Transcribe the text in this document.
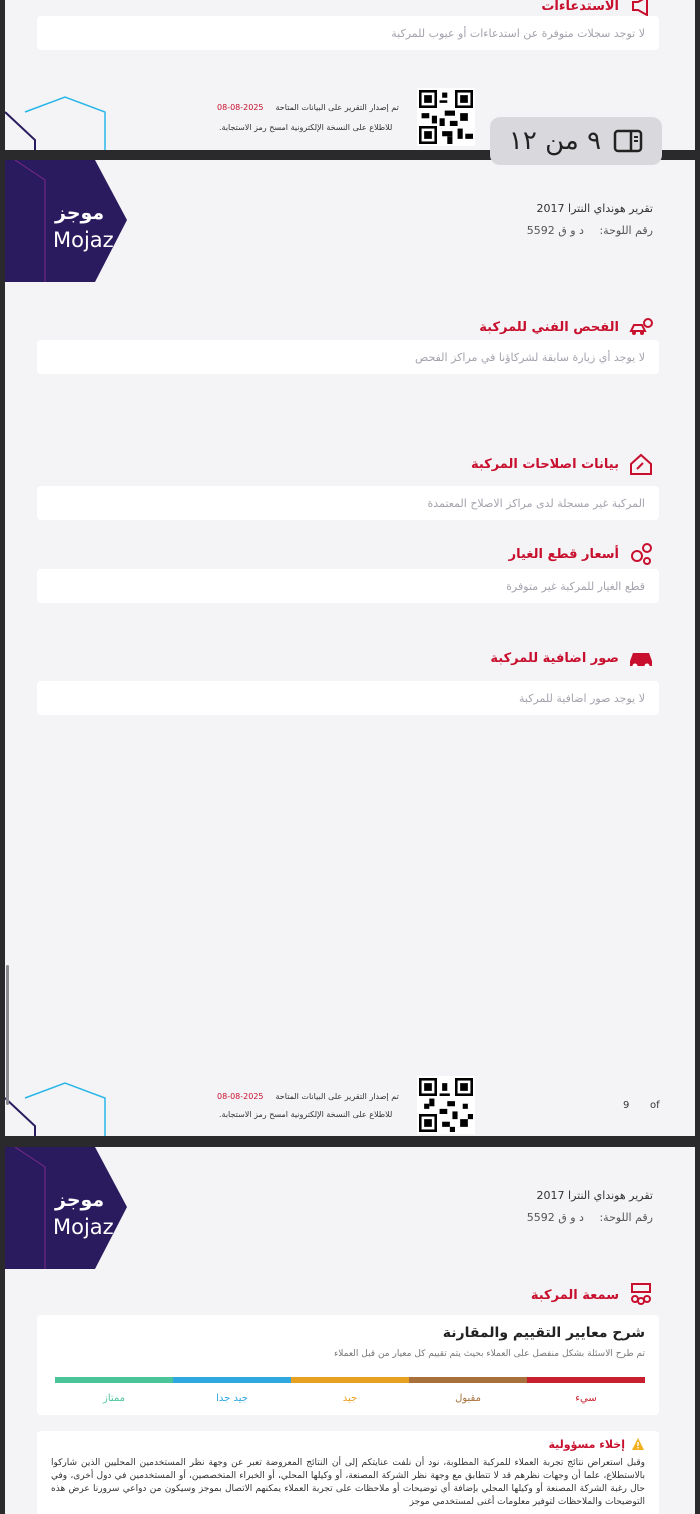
الاستدعاءات
لا توجد سجلات متوفرة عن استدعاءات أو عيوب للمركبة
تم إصدار التقرير على البيانات المتاحة2025-08-08
للاطلاع على النسخة الإلكترونية امسح رمز الاستجابة.	٩ من ١٢
موجز
Mojaz
تقرير هونداي النترا 2017
رقم اللوحة: د و ق 5592
الفحص الفني للمركبة
لا يوجد أي زيارة سابقة لشركاؤنا في مراكز الفحص
بيانات اصلاحات المركبة
المركبة غير مسجلة لدى مراكز الاصلاح المعتمدة
أسعار قطع الغيار
قطع الغيار للمركبة غير متوفرة
صور اضافية للمركبة
لا يوجد صور اضافية للمركبة
تم إصدار التقرير على البيانات المتاحة2025-08-08
للاطلاع على النسخة الإلكترونية امسح رمز الاستجابة.
9 of
موجز
Mojaz
تقرير هونداي النترا 2017
رقم اللوحة: د و ق 5592
سمعة المركبة
شرح معايير التقييم والمقارنة
تم طرح الاسئلة بشكل منفصل على العملاء بحيث يتم تقييم كل معيار من قبل العملاء
سيء
مقبول
جيد
جيد جدا
ممتاز
إخلاء مسؤولية
وقبل استعراض نتائج تجربة العملاء للمركبة المطلوبة، نود أن نلفت عنايتكم إلى أن النتائج المعروضة تعبر عن وجهة نظر المستخدمين المحليين الذين شاركوا بالاستطلاع، علما أن وجهات نظرهم قد لا تتطابق مع وجهة نظر الشركة المصنعة، أو وكيلها المحلي، أو الخبراء المتخصصين، أو المستخدمين في دول أخرى، وفي حال رغبة الشركة المصنعة أو وكيلها المحلي بإضافة أي توضيحات أو ملاحظات على تجربة العملاء يمكنهم الاتصال بموجز وسيكون من دواعي سرورنا عرض هذه التوضيحات والملاحظات لتوفير معلومات أغنى لمستخدمي موجز
